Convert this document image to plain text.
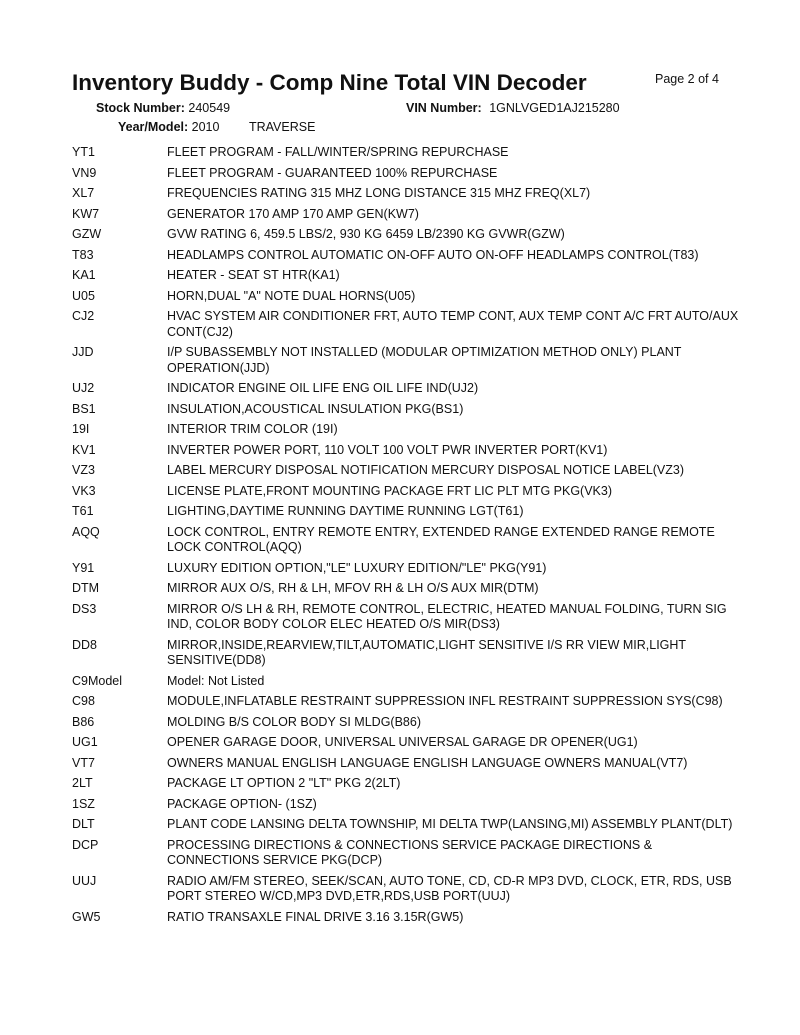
Inventory Buddy - Comp Nine Total VIN Decoder	Page 2 of 4
Stock Number: 240549	VIN Number: 1GNLVGED1AJ215280
Year/Model: 2010 TRAVERSE
YT1	FLEET PROGRAM - FALL/WINTER/SPRING REPURCHASE
VN9	FLEET PROGRAM - GUARANTEED 100% REPURCHASE
XL7	FREQUENCIES RATING 315 MHZ LONG DISTANCE 315 MHZ FREQ(XL7)
KW7	GENERATOR 170 AMP 170 AMP GEN(KW7)
GZW	GVW RATING 6, 459.5 LBS/2, 930 KG 6459 LB/2390 KG GVWR(GZW)
T83	HEADLAMPS CONTROL AUTOMATIC ON-OFF AUTO ON-OFF HEADLAMPS CONTROL(T83)
KA1	HEATER - SEAT ST HTR(KA1)
U05	HORN,DUAL "A" NOTE DUAL HORNS(U05)
CJ2	HVAC SYSTEM AIR CONDITIONER FRT, AUTO TEMP CONT, AUX TEMP CONT A/C FRT AUTO/AUX CONT(CJ2)
JJD	I/P SUBASSEMBLY NOT INSTALLED (MODULAR OPTIMIZATION METHOD ONLY) PLANT OPERATION(JJD)
UJ2	INDICATOR ENGINE OIL LIFE ENG OIL LIFE IND(UJ2)
BS1	INSULATION,ACOUSTICAL INSULATION PKG(BS1)
19I	INTERIOR TRIM COLOR (19I)
KV1	INVERTER POWER PORT, 110 VOLT 100 VOLT PWR INVERTER PORT(KV1)
VZ3	LABEL MERCURY DISPOSAL NOTIFICATION MERCURY DISPOSAL NOTICE LABEL(VZ3)
VK3	LICENSE PLATE,FRONT MOUNTING PACKAGE FRT LIC PLT MTG PKG(VK3)
T61	LIGHTING,DAYTIME RUNNING DAYTIME RUNNING LGT(T61)
AQQ	LOCK CONTROL, ENTRY REMOTE ENTRY, EXTENDED RANGE EXTENDED RANGE REMOTE LOCK CONTROL(AQQ)
Y91	LUXURY EDITION OPTION,"LE" LUXURY EDITION/"LE" PKG(Y91)
DTM	MIRROR AUX O/S, RH & LH, MFOV RH & LH O/S AUX MIR(DTM)
DS3	MIRROR O/S LH & RH, REMOTE CONTROL, ELECTRIC, HEATED MANUAL FOLDING, TURN SIG IND, COLOR BODY COLOR ELEC HEATED O/S MIR(DS3)
DD8	MIRROR,INSIDE,REARVIEW,TILT,AUTOMATIC,LIGHT SENSITIVE I/S RR VIEW MIR,LIGHT SENSITIVE(DD8)
C9Model	Model: Not Listed
C98	MODULE,INFLATABLE RESTRAINT SUPPRESSION INFL RESTRAINT SUPPRESSION SYS(C98)
B86	MOLDING B/S COLOR BODY SI MLDG(B86)
UG1	OPENER GARAGE DOOR, UNIVERSAL UNIVERSAL GARAGE DR OPENER(UG1)
VT7	OWNERS MANUAL ENGLISH LANGUAGE ENGLISH LANGUAGE OWNERS MANUAL(VT7)
2LT	PACKAGE LT OPTION 2 "LT" PKG 2(2LT)
1SZ	PACKAGE OPTION- (1SZ)
DLT	PLANT CODE LANSING DELTA TOWNSHIP, MI DELTA TWP(LANSING,MI) ASSEMBLY PLANT(DLT)
DCP	PROCESSING DIRECTIONS & CONNECTIONS SERVICE PACKAGE DIRECTIONS & CONNECTIONS SERVICE PKG(DCP)
UUJ	RADIO AM/FM STEREO, SEEK/SCAN, AUTO TONE, CD, CD-R MP3 DVD, CLOCK, ETR, RDS, USB PORT STEREO W/CD,MP3 DVD,ETR,RDS,USB PORT(UUJ)
GW5	RATIO TRANSAXLE FINAL DRIVE 3.16 3.15R(GW5)
